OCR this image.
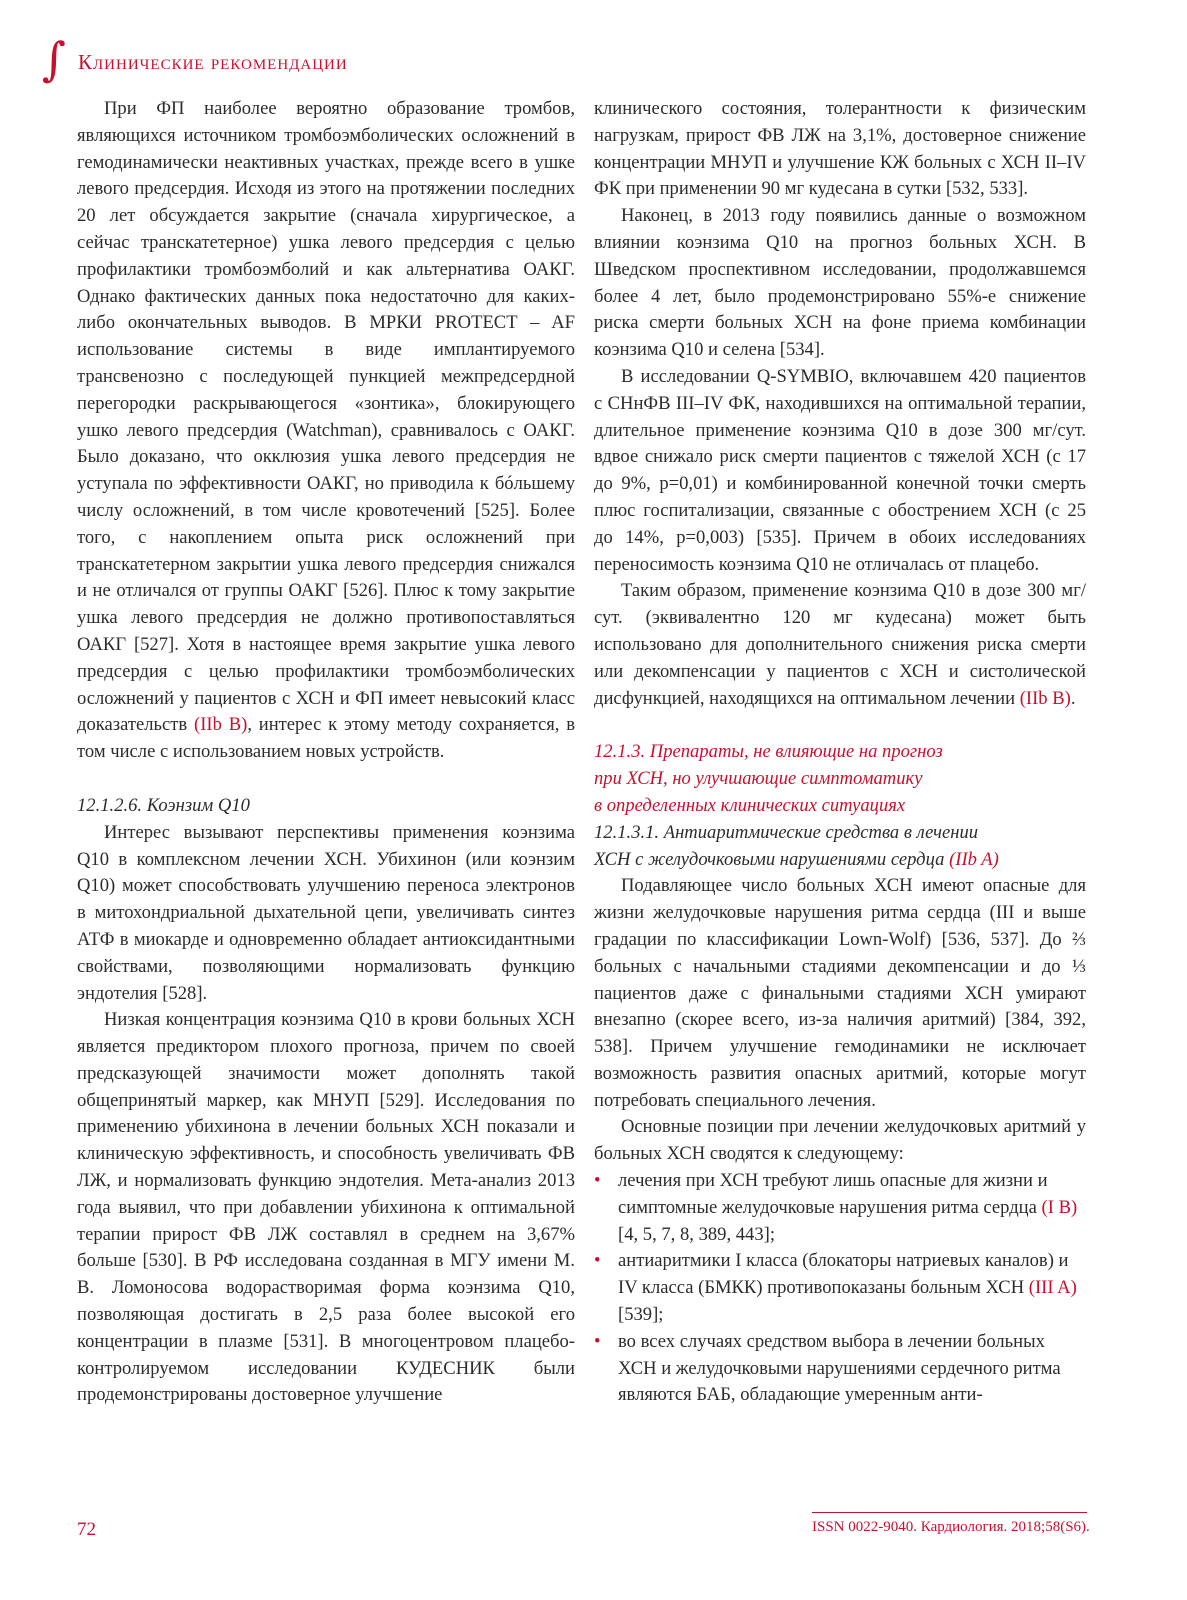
∫ Клинические рекомендации

При ФП наиболее вероятно образование тромбов, являющихся источником тромбоэмболических осложнений в гемодинамически неактивных участках, прежде всего в ушке левого предсердия. Исходя из этого на протяжении последних 20 лет обсуждается закрытие (сначала хирургическое, а сейчас транскатетерное) ушка левого предсердия с целью профилактики тромбоэмболий и как альтернатива ОАКГ. Однако фактических данных пока недостаточно для каких-либо окончательных выводов. В МРКИ PROTECT – AF использование системы в виде имплантируемого трансвенозно с последующей пункцией межпредсердной перегородки раскрывающегося «зонтика», блокирующего ушко левого предсердия (Watchman), сравнивалось с ОАКГ. Было доказано, что окклюзия ушка левого предсердия не уступала по эффективности ОАКГ, но приводила к бóльшему числу осложнений, в том числе кровотечений [525]. Более того, с накоплением опыта риск осложнений при транскатетерном закрытии ушка левого предсердия снижался и не отличался от группы ОАКГ [526]. Плюс к тому закрытие ушка левого предсердия не должно противопоставляться ОАКГ [527]. Хотя в настоящее время закрытие ушка левого предсердия с целью профилактики тромбоэмболических осложнений у пациентов с ХСН и ФП имеет невысокий класс доказательств (IIb B), интерес к этому методу сохраняется, в том числе с использованием новых устройств.

12.1.2.6. Коэнзим Q10

Интерес вызывают перспективы применения коэнзима Q10 в комплексном лечении ХСН. Убихинон (или коэнзим Q10) может способствовать улучшению переноса электронов в митохондриальной дыхательной цепи, увеличивать синтез АТФ в миокарде и одновременно обладает антиоксидантными свойствами, позволяющими нормализовать функцию эндотелия [528].

Низкая концентрация коэнзима Q10 в крови больных ХСН является предиктором плохого прогноза, причем по своей предсказующей значимости может дополнять такой общепринятый маркер, как МНУП [529]. Исследования по применению убихинона в лечении больных ХСН показали и клиническую эффективность, и способность увеличивать ФВ ЛЖ, и нормализовать функцию эндотелия. Мета-анализ 2013 года выявил, что при добавлении убихинона к оптимальной терапии прирост ФВ ЛЖ составлял в среднем на 3,67% больше [530]. В РФ исследована созданная в МГУ имени М. В. Ломоносова водорастворимая форма коэнзима Q10, позволяющая достигать в 2,5 раза более высокой его концентрации в плазме [531]. В многоцентровом плацебо-контролируемом исследовании КУДЕСНИК были продемонстрированы достоверное улучшение

клинического состояния, толерантности к физическим нагрузкам, прирост ФВ ЛЖ на 3,1%, достоверное снижение концентрации МНУП и улучшение КЖ больных с ХСН II–IV ФК при применении 90 мг кудесана в сутки [532, 533].

Наконец, в 2013 году появились данные о возможном влиянии коэнзима Q10 на прогноз больных ХСН. В Шведском проспективном исследовании, продолжавшемся более 4 лет, было продемонстрировано 55%-е снижение риска смерти больных ХСН на фоне приема комбинации коэнзима Q10 и селена [534].

В исследовании Q-SYMBIO, включавшем 420 пациентов с СНнФВ III–IV ФК, находившихся на оптимальной терапии, длительное применение коэнзима Q10 в дозе 300 мг/сут. вдвое снижало риск смерти пациентов с тяжелой ХСН (с 17 до 9%, p=0,01) и комбинированной конечной точки смерть плюс госпитализации, связанные с обострением ХСН (с 25 до 14%, p=0,003) [535]. Причем в обоих исследованиях переносимость коэнзима Q10 не отличалась от плацебо.

Таким образом, применение коэнзима Q10 в дозе 300 мг/сут. (эквивалентно 120 мг кудесана) может быть использовано для дополнительного снижения риска смерти или декомпенсации у пациентов с ХСН и систолической дисфункцией, находящихся на оптимальном лечении (IIb B).

12.1.3. Препараты, не влияющие на прогноз

при ХСН, но улучшающие симптоматику

в определенных клинических ситуациях

12.1.3.1. Антиаритмические средства в лечении

ХСН с желудочковыми нарушениями сердца (IIb A)

Подавляющее число больных ХСН имеют опасные для жизни желудочковые нарушения ритма сердца (III и выше градации по классификации Lown-Wolf) [536, 537]. До ⅔ больных с начальными стадиями декомпенсации и до ⅓ пациентов даже с финальными стадиями ХСН умирают внезапно (скорее всего, из-за наличия аритмий) [384, 392, 538]. Причем улучшение гемодинамики не исключает возможность развития опасных аритмий, которые могут потребовать специального лечения.

Основные позиции при лечении желудочковых аритмий у больных ХСН сводятся к следующему:

• лечения при ХСН требуют лишь опасные для жизни и симптомные желудочковые нарушения ритма сердца (I B) [4, 5, 7, 8, 389, 443];
• антиаритмики I класса (блокаторы натриевых каналов) и IV класса (БМКК) противопоказаны больным ХСН (III A) [539];
• во всех случаях средством выбора в лечении больных ХСН и желудочковыми нарушениями сердечного ритма являются БАБ, обладающие умеренным анти-
72	ISSN 0022-9040. Кардиология. 2018;58(S6).
